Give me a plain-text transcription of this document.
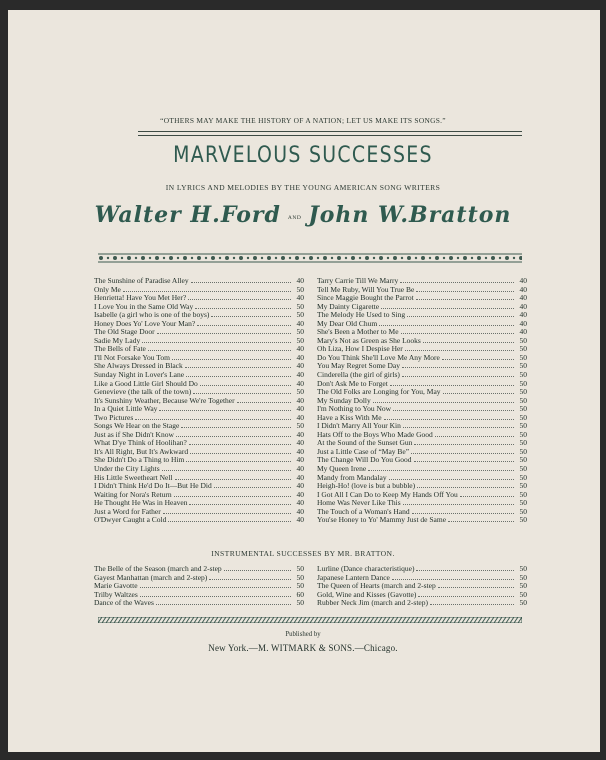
“OTHERS MAY MAKE THE HISTORY OF A NATION; LET US MAKE ITS SONGS.”
MARVELOUS SUCCESSES
IN LYRICS AND MELODIES BY THE YOUNG AMERICAN SONG WRITERS
Walter H.Ford AND John W.Bratton
The Sunshine of Paradise Alley	40
Only Me	50
Henrietta! Have You Met Her?	40
I Love You in the Same Old Way	50
Isabelle (a girl who is one of the boys)	50
Honey Does Yo' Love Your Man?	40
The Old Stage Door	50
Sadie My Lady	50
The Bells of Fate	40
I'll Not Forsake You Tom	40
She Always Dressed in Black	40
Sunday Night in Lover's Lane	40
Like a Good Little Girl Should Do	40
Genevieve (the talk of the town)	50
It's Sunshiny Weather, Because We're Together	40
In a Quiet Little Way	40
Two Pictures	40
Songs We Hear on the Stage	50
Just as if She Didn't Know	40
What D'ye Think of Hoolihan?	40
It's All Right, But It's Awkward	40
She Didn't Do a Thing to Him	40
Under the City Lights	40
His Little Sweetheart Nell	40
I Didn't Think He'd Do It—But He Did	40
Waiting for Nora's Return	40
He Thought He Was in Heaven	40
Just a Word for Father	40
O'Dwyer Caught a Cold	40
Tarry Carrie Till We Marry	40
Tell Me Ruby, Will You True Be	40
Since Maggie Bought the Parrot	40
My Dainty Cigarette	40
The Melody He Used to Sing	40
My Dear Old Chum	40
She's Been a Mother to Me	40
Mary's Not as Green as She Looks	50
Oh Liza, How I Despise Her	50
Do You Think She'll Love Me Any More	50
You May Regret Some Day	50
Cinderella (the girl of girls)	50
Don't Ask Me to Forget	50
The Old Folks are Longing for You, May	50
My Sunday Dolly	50
I'm Nothing to You Now	50
Have a Kiss With Me	50
I Didn't Marry All Your Kin	50
Hats Off to the Boys Who Made Good	50
At the Sound of the Sunset Gun	50
Just a Little Case of “May Be”	50
The Change Will Do You Good	50
My Queen Irene	50
Mandy from Mandalay	50
Heigh-Ho! (love is but a bubble)	50
I Got All I Can Do to Keep My Hands Off You	50
Home Was Never Like This	50
The Touch of a Woman's Hand	50
You'se Honey to Yo' Mammy Just de Same	50
INSTRUMENTAL SUCCESSES BY MR. BRATTON.
The Belle of the Season (march and 2-step	50
Gayest Manhattan (march and 2-step)	50
Marie Gavotte	50
Trilby Waltzes	60
Dance of the Waves	50
Lurline (Dance characteristique)	50
Japanese Lantern Dance	50
The Queen of Hearts (march and 2-step	50
Gold, Wine and Kisses (Gavotte)	50
Rubber Neck Jim (march and 2-step)	50
Published by
New York.—M. WITMARK & SONS.—Chicago.
